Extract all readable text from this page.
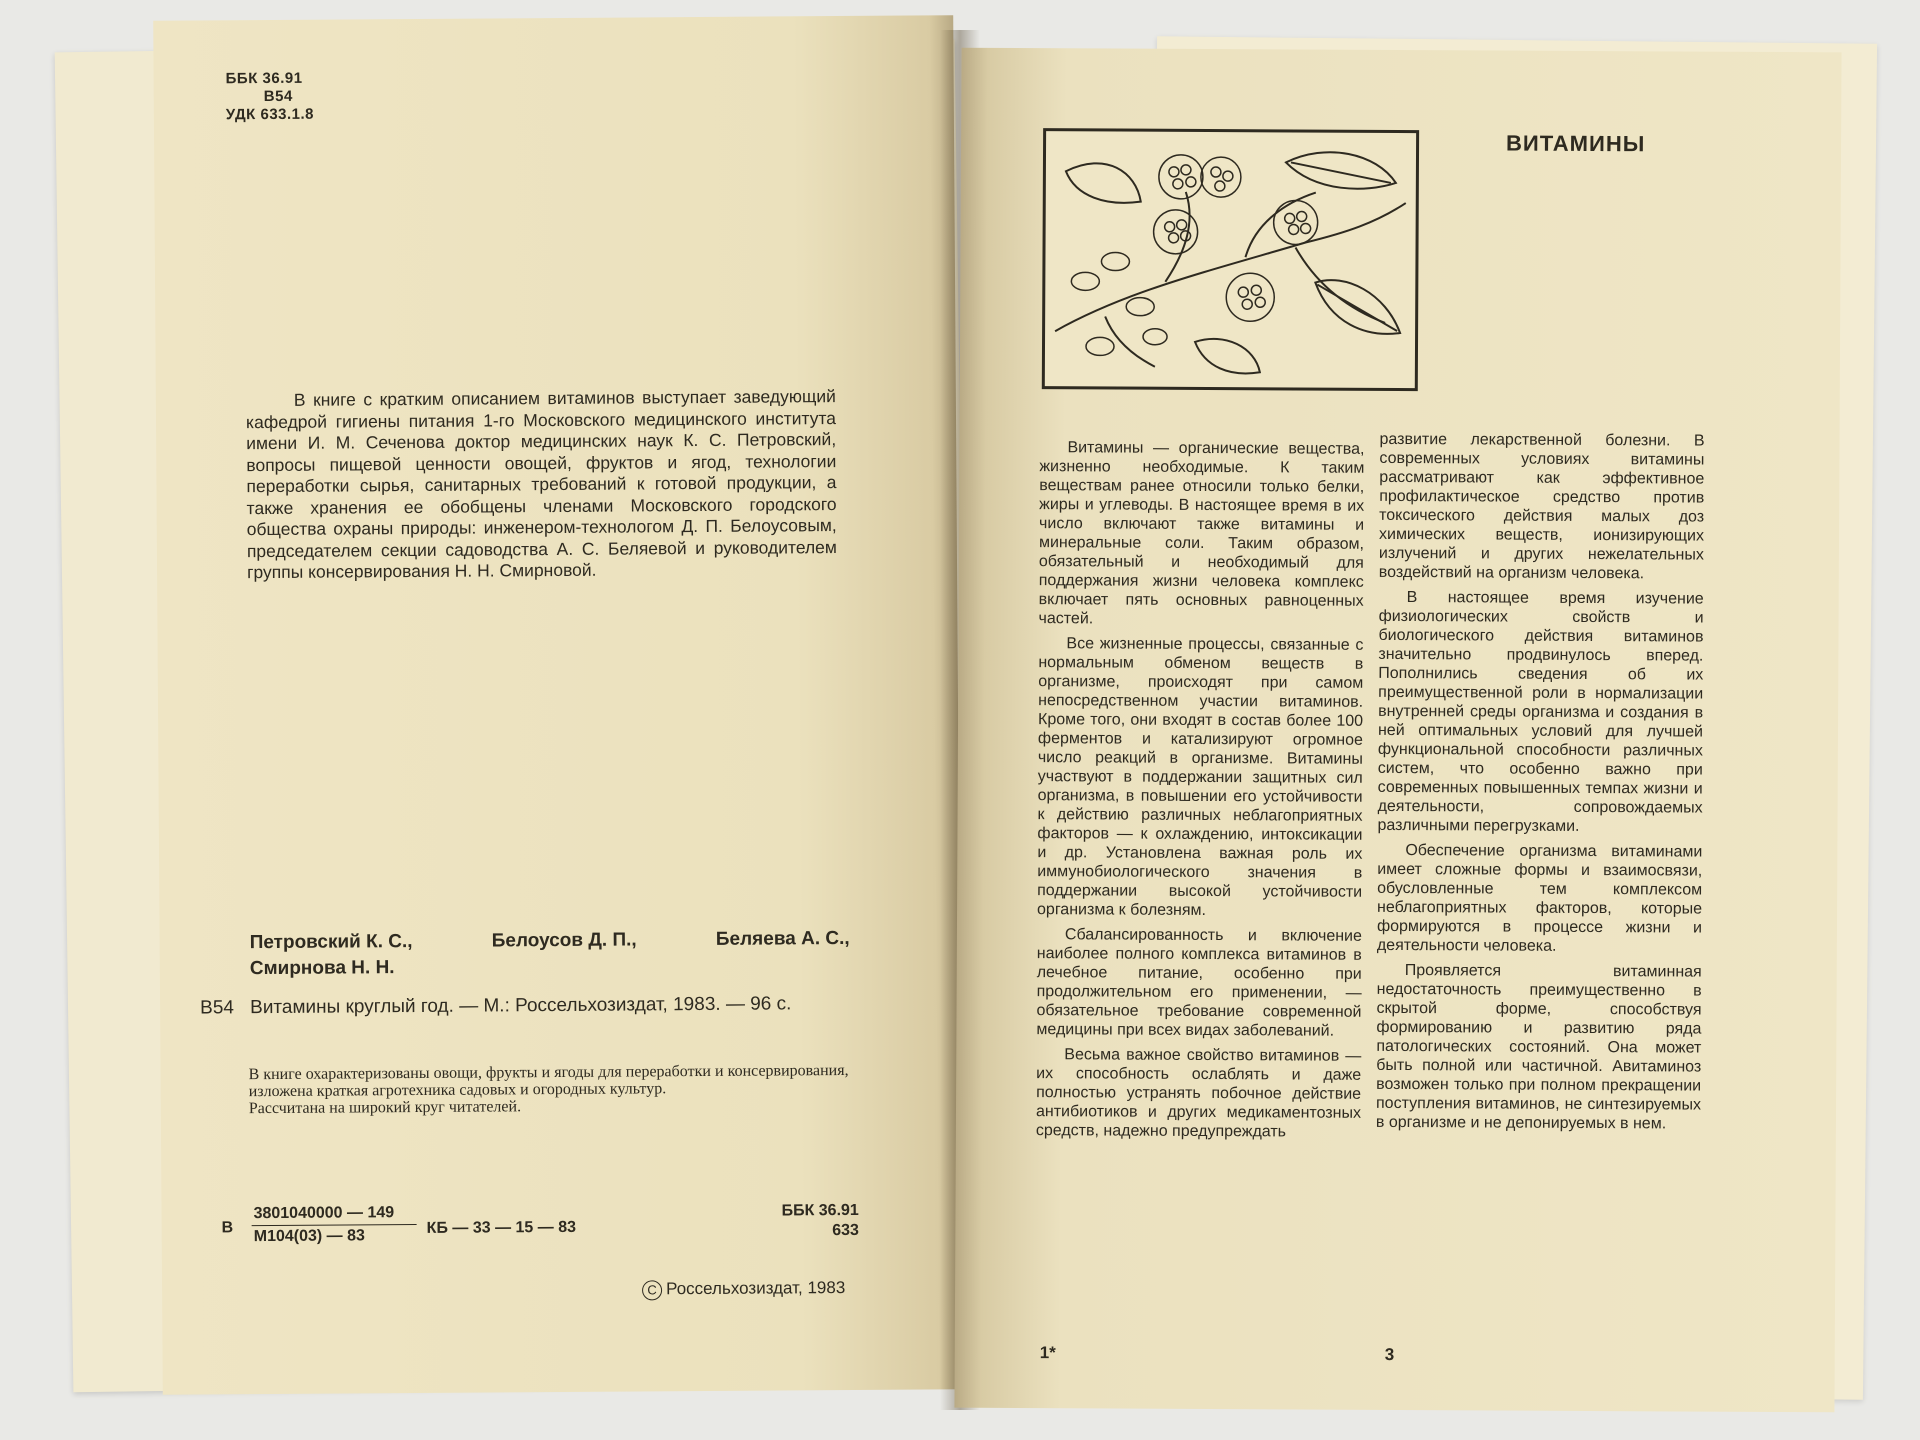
ББК 36.91
В54
УДК 633.1.8
В книге с кратким описанием витаминов выступает заведующий кафедрой гигиены питания 1-го Московского медицинского института имени И. М. Сеченова доктор медицинских наук К. С. Петровский, вопросы пищевой ценности овощей, фруктов и ягод, технологии переработки сырья, санитарных требований к готовой продукции, а также хранения ее обобщены членами Московского городского общества охраны природы: инженером-технологом Д. П. Белоусовым, председателем секции садоводства А. С. Беляевой и руководителем группы консервирования Н. Н. Смирновой.
Петровский К. С.,	Белоусов Д. П.,	Беляева А. С.,
Смирнова Н. Н.
В54 Витамины круглый год. — М.: Россельхозиздат, 1983. — 96 с.
В книге охарактеризованы овощи, фрукты и ягоды для переработки и консервирования, изложена краткая агротехника садовых и огородных культур.
Рассчитана на широкий круг читателей.
В
3801040000 — 149
М104(03) — 83	КБ — 33 — 15 — 83
ББК 36.91
633
C Россельхозиздат, 1983
ВИТАМИНЫ

Витамины — органические вещества, жизненно необходимые. К таким веществам ранее относили только белки, жиры и углеводы. В настоящее время в их число включают также витамины и минеральные соли. Таким образом, обязательный и необходимый для поддержания жизни человека комплекс включает пять основных равноценных частей.

Все жизненные процессы, связанные с нормальным обменом веществ в организме, происходят при самом непосредственном участии витаминов. Кроме того, они входят в состав более 100 ферментов и катализируют огромное число реакций в организме. Витамины участвуют в поддержании защитных сил организма, в повышении его устойчивости к действию различных неблагоприятных факторов — к охлаждению, интоксикации и др. Установлена важная роль их иммунобиологического значения в поддержании высокой устойчивости организма к болезням.

Сбалансированность и включение наиболее полного комплекса витаминов в лечебное питание, особенно при продолжительном его применении, — обязательное требование современной медицины при всех видах заболеваний.

Весьма важное свойство витаминов — их способность ослаблять и даже полностью устранять побочное действие антибиотиков и других медикаментозных средств, надежно предупреждать

развитие лекарственной болезни. В современных условиях витамины рассматривают как эффективное профилактическое средство против токсического действия малых доз химических веществ, ионизирующих излучений и других нежелательных воздействий на организм человека.

В настоящее время изучение физиологических свойств и биологического действия витаминов значительно продвинулось вперед. Пополнились сведения об их преимущественной роли в нормализации внутренней среды организма и создания в ней оптимальных условий для лучшей функциональной способности различных систем, что особенно важно при современных повышенных темпах жизни и деятельности, сопровождаемых различными перегрузками.

Обеспечение организма витаминами имеет сложные формы и взаимосвязи, обусловленные тем комплексом неблагоприятных факторов, которые формируются в процессе жизни и деятельности человека.

Проявляется витаминная недостаточность преимущественно в скрытой форме, способствуя формированию и развитию ряда патологических состояний. Она может быть полной или частичной. Авитаминоз возможен только при полном прекращении поступления витаминов, не синтезируемых в организме и не депонируемых в нем.

1*	3
